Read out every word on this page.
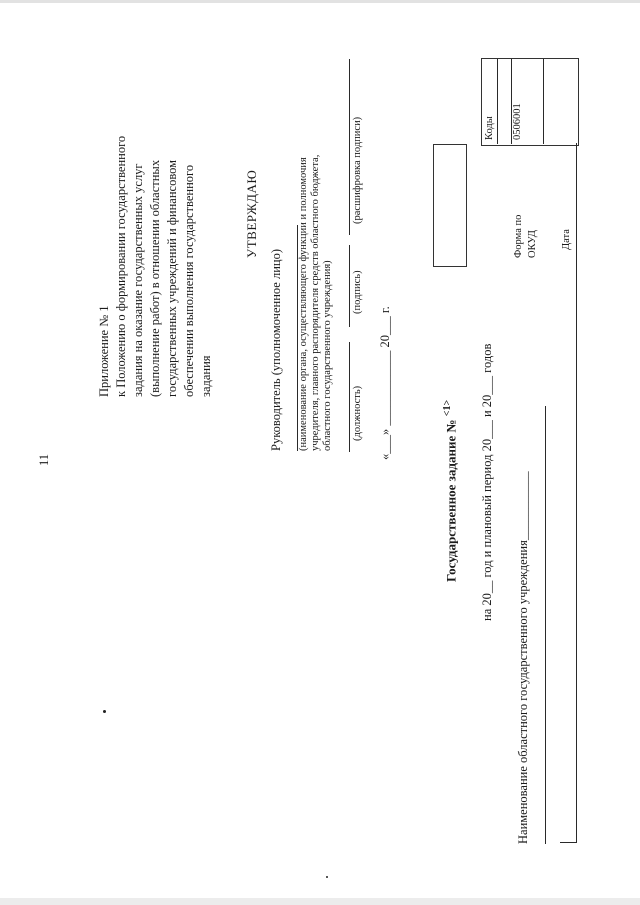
11
Приложение № 1 к Положению о формировании государственного задания на оказание государственных услуг (выполнение работ) в отношении областных государственных учреждений и финансовом обеспечении выполнения государственного задания
УТВЕРЖДАЮ
Руководитель (уполномоченное лицо) (наименование органа, осуществляющего функции и полномочия учредителя, главного распорядителя средств областного бюджета, областного государственного учреждения) (должность)
(подпись)
(расшифровка подписи)
«___» ____________ 20___ г.
Коды 0506001
Форма по ОКУД Дата
Государственное задание № $^{<1>}$	на 20__ год и плановый период 20___ и 20___ годов Наименование областного государственного учреждения___________
